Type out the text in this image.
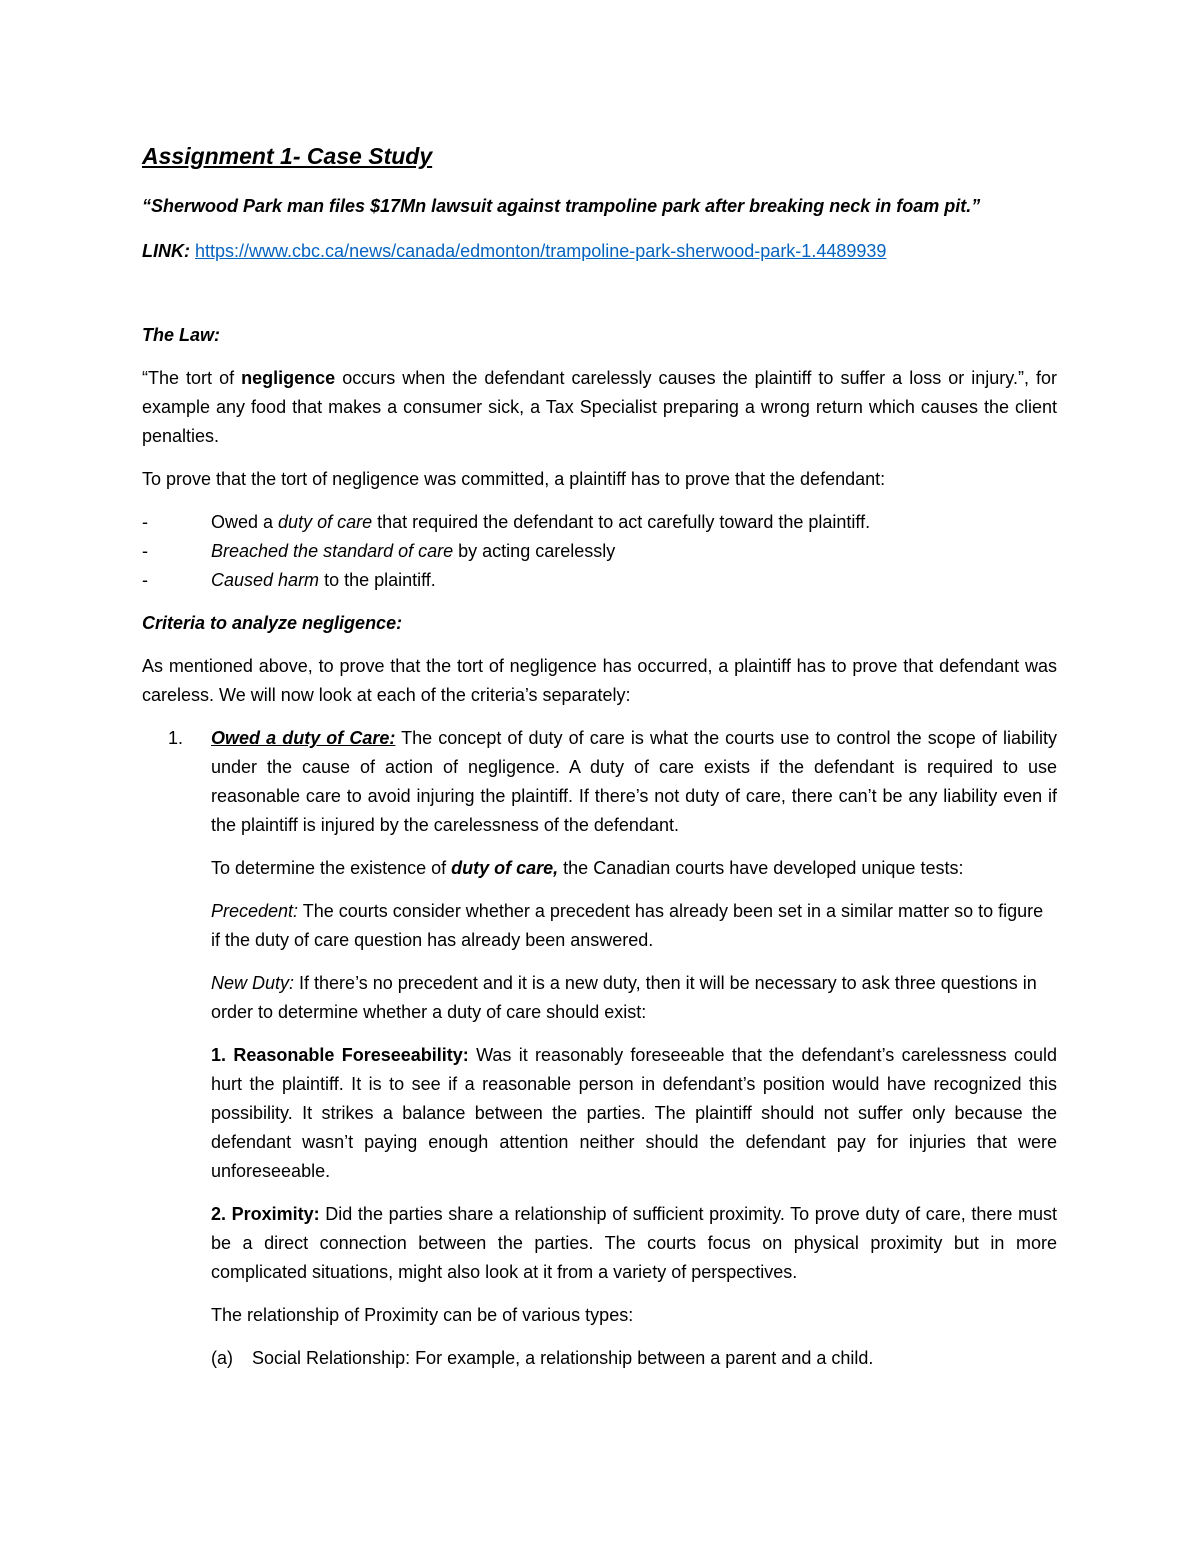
Assignment 1- Case Study

“Sherwood Park man files $17Mn lawsuit against trampoline park after breaking neck in foam pit.”

LINK: https://www.cbc.ca/news/canada/edmonton/trampoline-park-sherwood-park-1.4489939

The Law:

“The tort of negligence occurs when the defendant carelessly causes the plaintiff to suffer a loss or injury.”, for example any food that makes a consumer sick, a Tax Specialist preparing a wrong return which causes the client penalties.

To prove that the tort of negligence was committed, a plaintiff has to prove that the defendant:

-	Owed a duty of care that required the defendant to act carefully toward the plaintiff.
-	Breached the standard of care by acting carelessly
-	Caused harm to the plaintiff.

Criteria to analyze negligence:

As mentioned above, to prove that the tort of negligence has occurred, a plaintiff has to prove that defendant was careless. We will now look at each of the criteria’s separately:

1. Owed a duty of Care: The concept of duty of care is what the courts use to control the scope of liability under the cause of action of negligence. A duty of care exists if the defendant is required to use reasonable care to avoid injuring the plaintiff. If there’s not duty of care, there can’t be any liability even if the plaintiff is injured by the carelessness of the defendant.

To determine the existence of duty of care, the Canadian courts have developed unique tests:

Precedent: The courts consider whether a precedent has already been set in a similar matter so to figure if the duty of care question has already been answered.

New Duty: If there’s no precedent and it is a new duty, then it will be necessary to ask three questions in order to determine whether a duty of care should exist:

1. Reasonable Foreseeability: Was it reasonably foreseeable that the defendant’s carelessness could hurt the plaintiff. It is to see if a reasonable person in defendant’s position would have recognized this possibility. It strikes a balance between the parties. The plaintiff should not suffer only because the defendant wasn’t paying enough attention neither should the defendant pay for injuries that were unforeseeable.

2. Proximity: Did the parties share a relationship of sufficient proximity. To prove duty of care, there must be a direct connection between the parties. The courts focus on physical proximity but in more complicated situations, might also look at it from a variety of perspectives.

The relationship of Proximity can be of various types:

(a) Social Relationship: For example, a relationship between a parent and a child.
